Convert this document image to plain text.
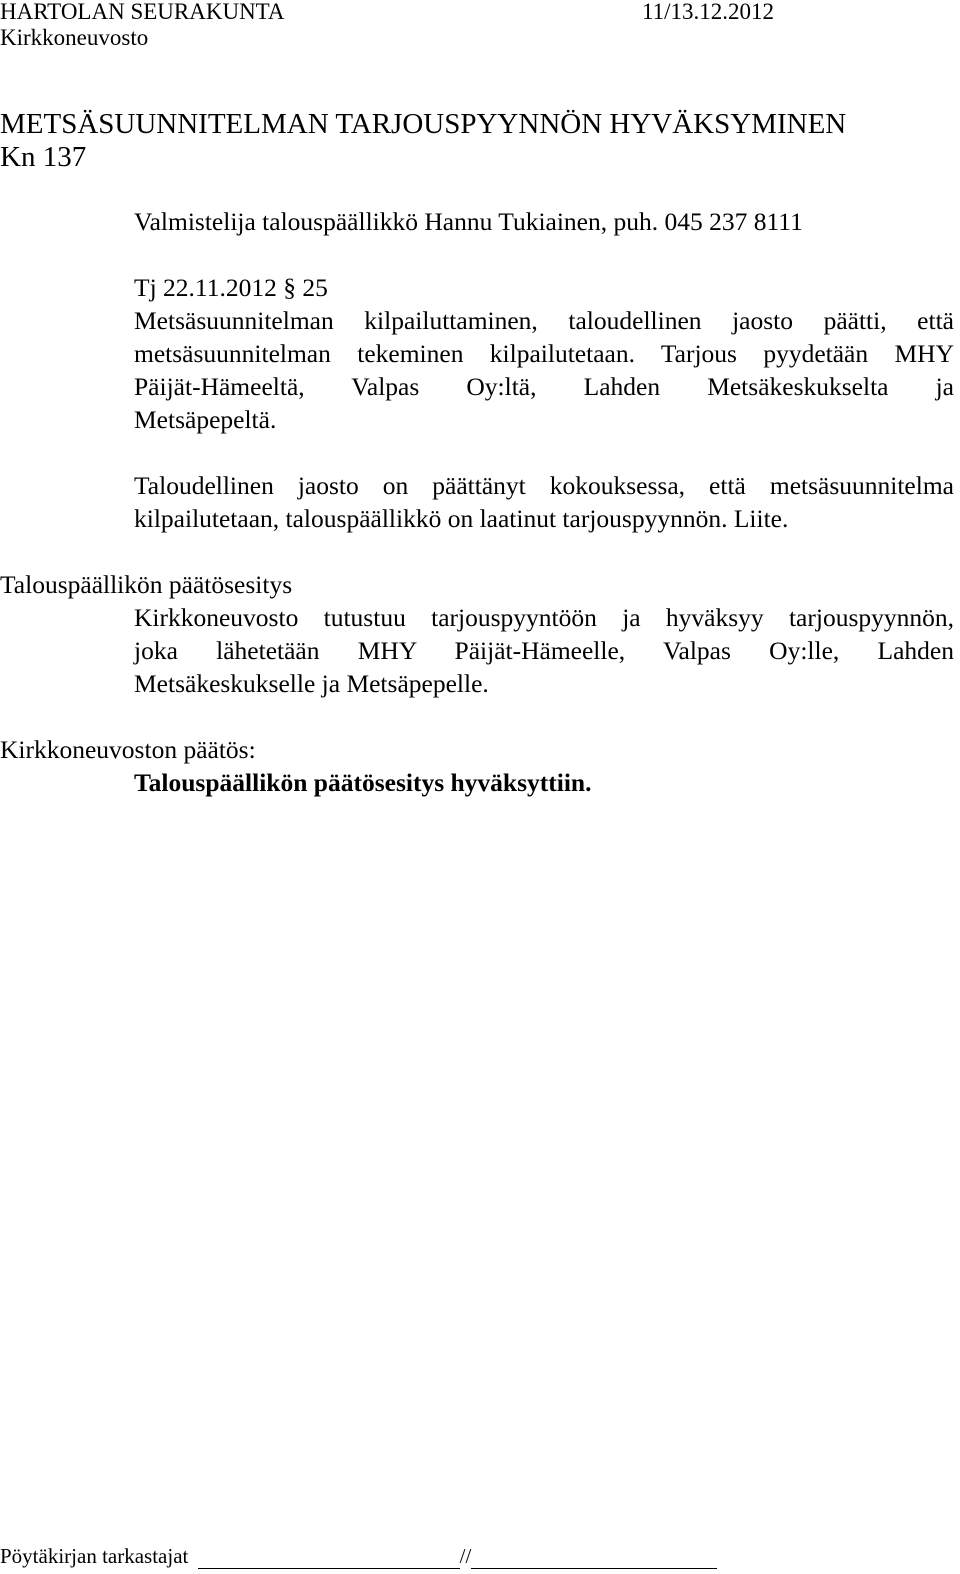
HARTOLAN SEURAKUNTA	11/13.12.2012
Kirkkoneuvosto
METSÄSUUNNITELMAN TARJOUSPYYNNÖN HYVÄKSYMINEN
Kn 137
Valmistelija talouspäällikkö Hannu Tukiainen, puh. 045 237 8111

Tj 22.11.2012 § 25

Metsäsuunnitelman kilpailuttaminen, taloudellinen jaosto päätti, että

metsäsuunnitelman tekeminen kilpailutetaan. Tarjous pyydetään MHY

Päijät-Hämeeltä, Valpas Oy:ltä, Lahden Metsäkeskukselta ja

Metsäpepeltä.

Taloudellinen jaosto on päättänyt kokouksessa, että metsäsuunnitelma

kilpailutetaan, talouspäällikkö on laatinut tarjouspyynnön. Liite.

Talouspäällikön päätösesitys

Kirkkoneuvosto tutustuu tarjouspyyntöön ja hyväksyy tarjouspyynnön,

joka lähetetään MHY Päijät-Hämeelle, Valpas Oy:lle, Lahden

Metsäkeskukselle ja Metsäpepelle.

Kirkkoneuvoston päätös:
Talouspäällikön päätösesitys hyväksyttiin.
Pöytäkirjan tarkastajat	//
